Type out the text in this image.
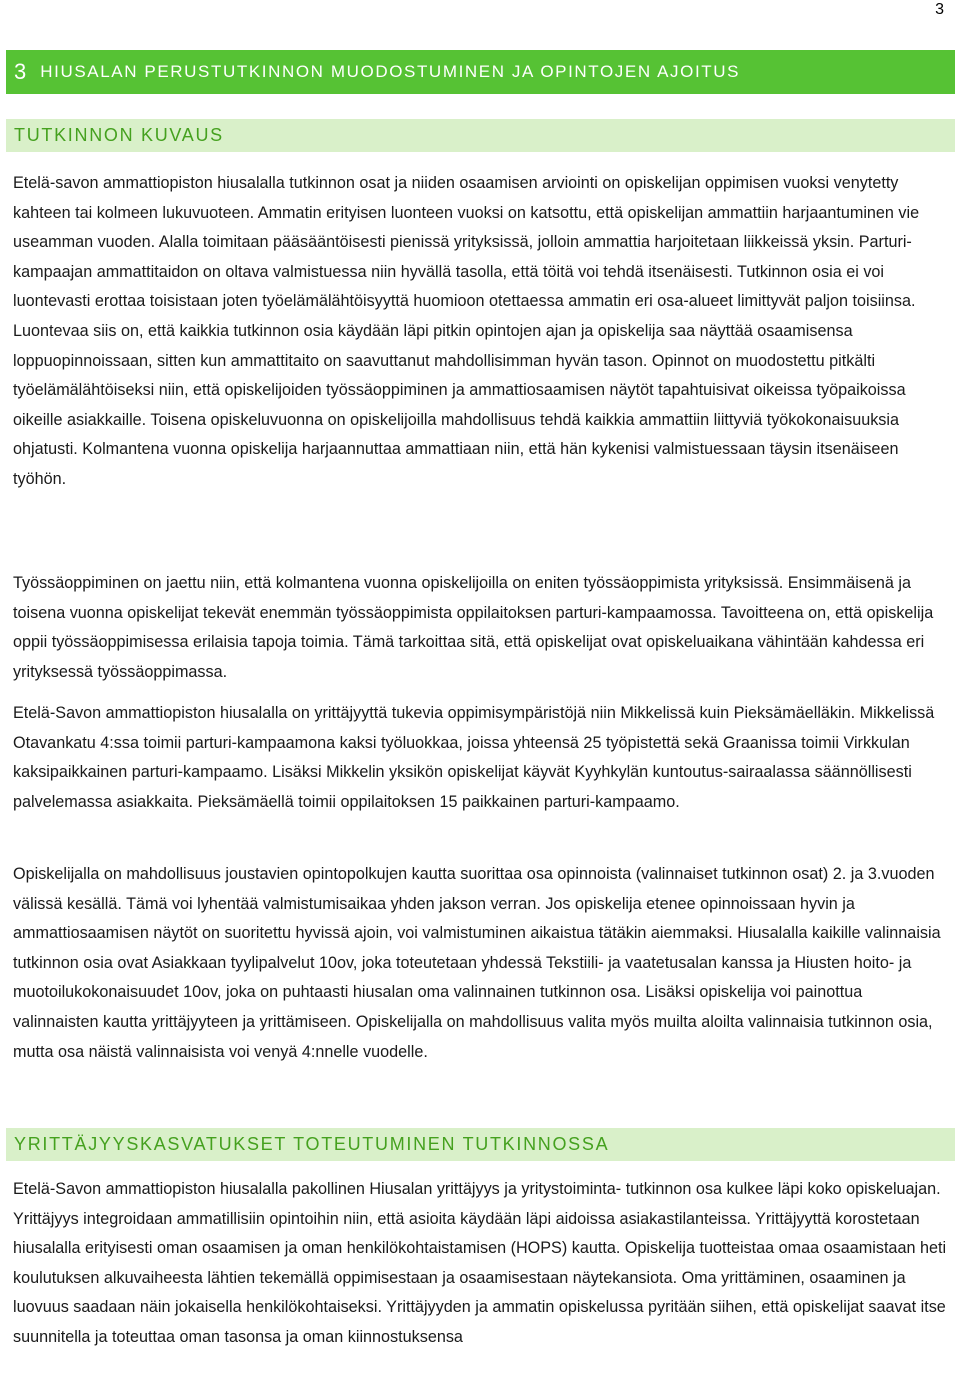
3
3 HIUSALAN PERUSTUTKINNON MUODOSTUMINEN JA OPINTOJEN AJOITUS
TUTKINNON KUVAUS

Etelä-savon ammattiopiston hiusalalla tutkinnon osat ja niiden osaamisen arviointi on opiskelijan oppimisen vuoksi venytetty kahteen tai kolmeen lukuvuoteen. Ammatin erityisen luonteen vuoksi on katsottu, että opiskelijan ammattiin harjaantuminen vie useamman vuoden. Alalla toimitaan pääsääntöisesti pienissä yrityksissä, jolloin ammattia harjoitetaan liikkeissä yksin. Parturi-kampaajan ammattitaidon on oltava valmistuessa niin hyvällä tasolla, että töitä voi tehdä itsenäisesti. Tutkinnon osia ei voi luontevasti erottaa toisistaan joten työelämälähtöisyyttä huomioon otettaessa ammatin eri osa-alueet limittyvät paljon toisiinsa. Luontevaa siis on, että kaikkia tutkinnon osia käydään läpi pitkin opintojen ajan ja opiskelija saa näyttää osaamisensa loppuopinnoissaan, sitten kun ammattitaito on saavuttanut mahdollisimman hyvän tason. Opinnot on muodostettu pitkälti työelämälähtöiseksi niin, että opiskelijoiden työssäoppiminen ja ammattiosaamisen näytöt tapahtuisivat oikeissa työpaikoissa oikeille asiakkaille. Toisena opiskeluvuonna on opiskelijoilla mahdollisuus tehdä kaikkia ammattiin liittyviä työkokonaisuuksia ohjatusti. Kolmantena vuonna opiskelija harjaannuttaa ammattiaan niin, että hän kykenisi valmistuessaan täysin itsenäiseen työhön.

Työssäoppiminen on jaettu niin, että kolmantena vuonna opiskelijoilla on eniten työssäoppimista yrityksissä. Ensimmäisenä ja toisena vuonna opiskelijat tekevät enemmän työssäoppimista oppilaitoksen parturi-kampaamossa. Tavoitteena on, että opiskelija oppii työssäoppimisessa erilaisia tapoja toimia. Tämä tarkoittaa sitä, että opiskelijat ovat opiskeluaikana vähintään kahdessa eri yrityksessä työssäoppimassa.

Etelä-Savon ammattiopiston hiusalalla on yrittäjyyttä tukevia oppimisympäristöjä niin Mikkelissä kuin Pieksämäelläkin. Mikkelissä Otavankatu 4:ssa toimii parturi-kampaamona kaksi työluokkaa, joissa yhteensä 25 työpistettä sekä Graanissa toimii Virkkulan kaksipaikkainen parturi-kampaamo. Lisäksi Mikkelin yksikön opiskelijat käyvät Kyyhkylän kuntoutus-sairaalassa säännöllisesti palvelemassa asiakkaita. Pieksämäellä toimii oppilaitoksen 15 paikkainen parturi-kampaamo.

Opiskelijalla on mahdollisuus joustavien opintopolkujen kautta suorittaa osa opinnoista (valinnaiset tutkinnon osat) 2. ja 3.vuoden välissä kesällä. Tämä voi lyhentää valmistumisaikaa yhden jakson verran. Jos opiskelija etenee opinnoissaan hyvin ja ammattiosaamisen näytöt on suoritettu hyvissä ajoin, voi valmistuminen aikaistua tätäkin aiemmaksi. Hiusalalla kaikille valinnaisia tutkinnon osia ovat Asiakkaan tyylipalvelut 10ov, joka toteutetaan yhdessä Tekstiili- ja vaatetusalan kanssa ja Hiusten hoito- ja muotoilukokonaisuudet 10ov, joka on puhtaasti hiusalan oma valinnainen tutkinnon osa. Lisäksi opiskelija voi painottua valinnaisten kautta yrittäjyyteen ja yrittämiseen. Opiskelijalla on mahdollisuus valita myös muilta aloilta valinnaisia tutkinnon osia, mutta osa näistä valinnaisista voi venyä 4:nnelle vuodelle.

YRITTÄJYYSKASVATUKSET TOTEUTUMINEN TUTKINNOSSA

Etelä-Savon ammattiopiston hiusalalla pakollinen Hiusalan yrittäjyys ja yritystoiminta- tutkinnon osa kulkee läpi koko opiskeluajan. Yrittäjyys integroidaan ammatillisiin opintoihin niin, että asioita käydään läpi aidoissa asiakastilanteissa. Yrittäjyyttä korostetaan hiusalalla erityisesti oman osaamisen ja oman henkilökohtaistamisen (HOPS) kautta. Opiskelija tuotteistaa omaa osaamistaan heti koulutuksen alkuvaiheesta lähtien tekemällä oppimisestaan ja osaamisestaan näytekansiota. Oma yrittäminen, osaaminen ja luovuus saadaan näin jokaisella henkilökohtaiseksi. Yrittäjyyden ja ammatin opiskelussa pyritään siihen, että opiskelijat saavat itse suunnitella ja toteuttaa oman tasonsa ja oman kiinnostuksensa
